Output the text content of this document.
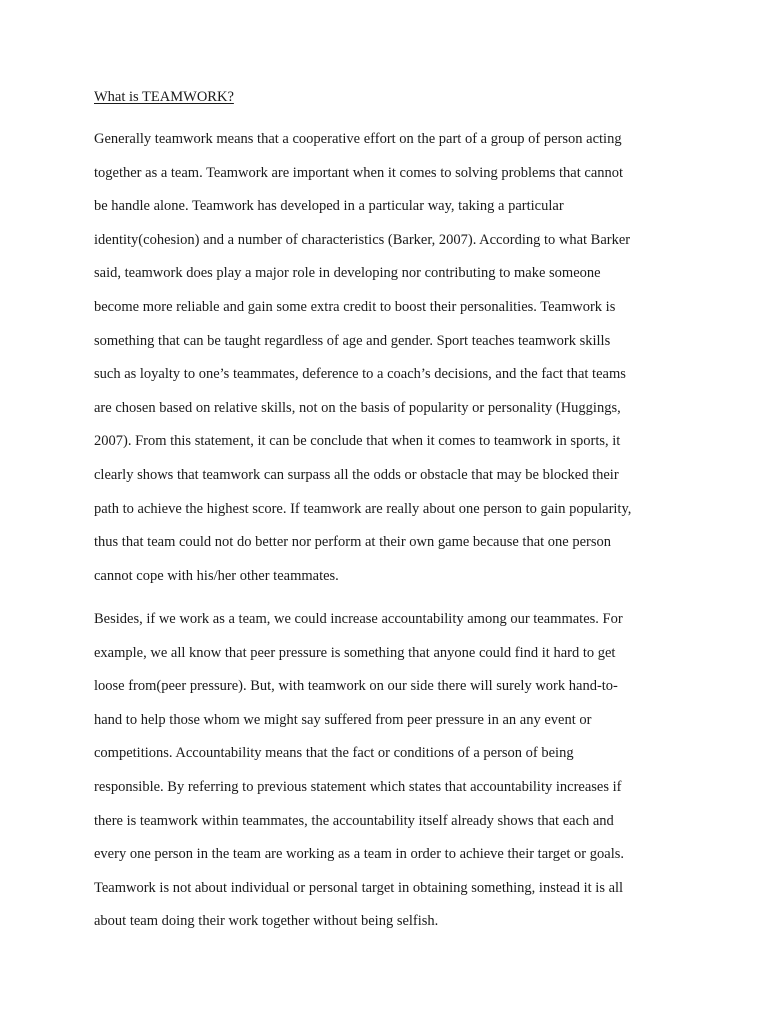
What is TEAMWORK?

Generally teamwork means that a cooperative effort on the part of a group of person acting
together as a team. Teamwork are important when it comes to solving problems that cannot
be handle alone. Teamwork has developed in a particular way, taking a particular
identity(cohesion) and a number of characteristics (Barker, 2007). According to what Barker
said, teamwork does play a major role in developing nor contributing to make someone
become more reliable and gain some extra credit to boost their personalities. Teamwork is
something that can be taught regardless of age and gender. Sport teaches teamwork skills
such as loyalty to one’s teammates, deference to a coach’s decisions, and the fact that teams
are chosen based on relative skills, not on the basis of popularity or personality (Huggings,
2007). From this statement, it can be conclude that when it comes to teamwork in sports, it
clearly shows that teamwork can surpass all the odds or obstacle that may be blocked their
path to achieve the highest score. If teamwork are really about one person to gain popularity,
thus that team could not do better nor perform at their own game because that one person
cannot cope with his/her other teammates.

Besides, if we work as a team, we could increase accountability among our teammates. For
example, we all know that peer pressure is something that anyone could find it hard to get
loose from(peer pressure). But, with teamwork on our side there will surely work hand-to-
hand to help those whom we might say suffered from peer pressure in an any event or
competitions. Accountability means that the fact or conditions of a person of being
responsible. By referring to previous statement which states that accountability increases if
there is teamwork within teammates, the accountability itself already shows that each and
every one person in the team are working as a team in order to achieve their target or goals.
Teamwork is not about individual or personal target in obtaining something, instead it is all
about team doing their work together without being selfish.
